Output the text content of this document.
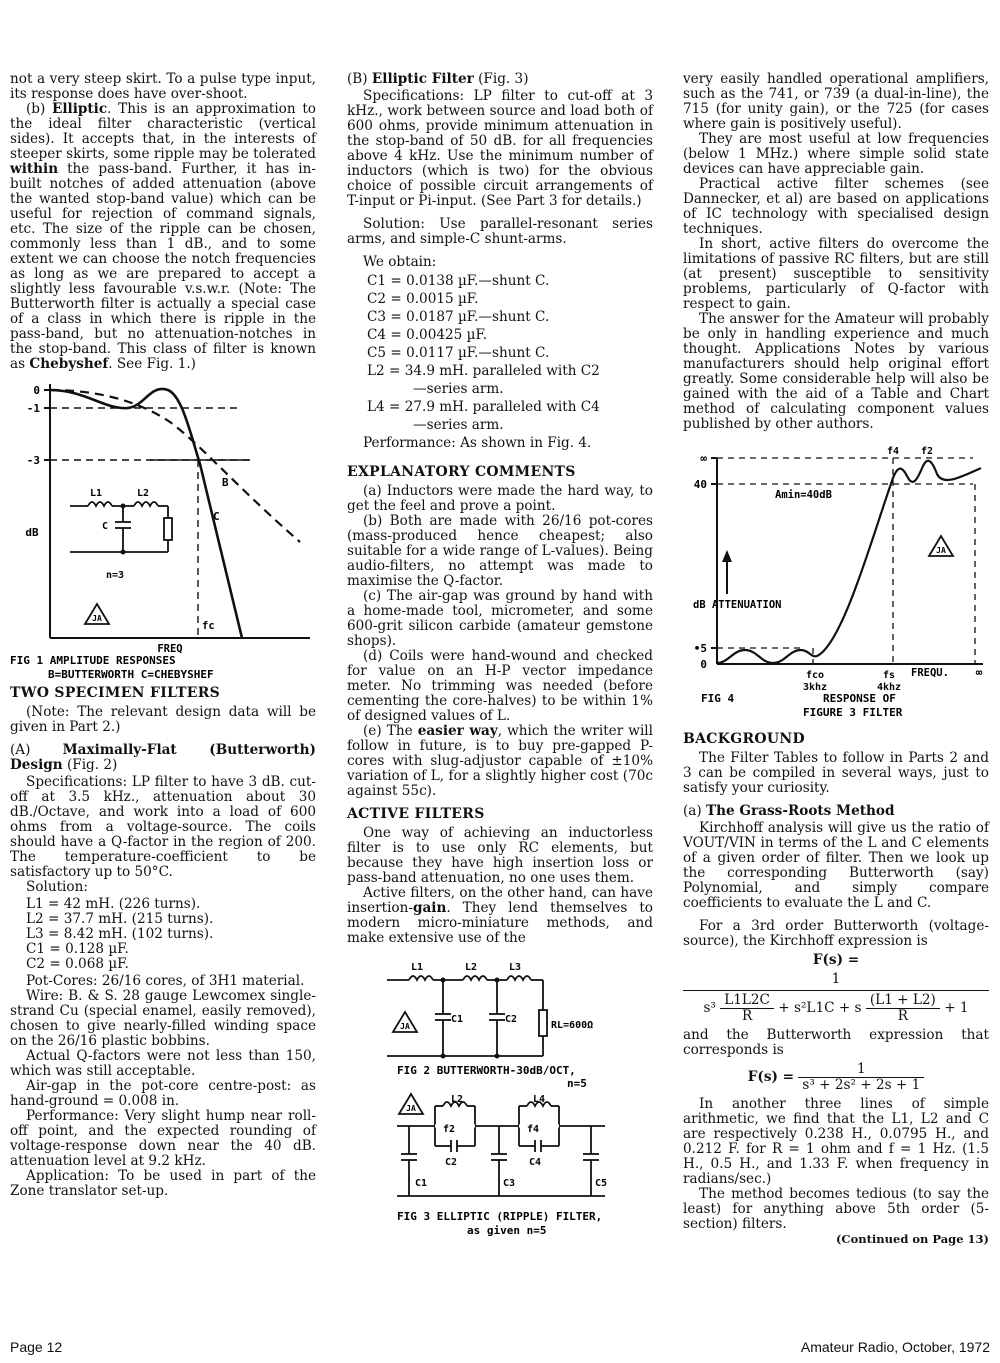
not a very steep skirt. To a pulse type input, its response does have over-shoot.

(b) Elliptic. This is an approximation to the ideal filter characteristic (vertical sides). It accepts that, in the interests of steeper skirts, some ripple may be tolerated within the pass-band. Further, it has in-built notches of added attenuation (above the wanted stop-band value) which can be useful for rejection of command signals, etc. The size of the ripple can be chosen, commonly less than 1 dB., and to some extent we can choose the notch frequencies as long as we are prepared to accept a slightly less favourable v.s.w.r. (Note: The Butterworth filter is actually a special case of a class in which there is ripple in the pass-band, but no attenuation-notches in the stop-band. This class of filter is known as Chebyshef. See Fig. 1.)

0
-1
-3
dB
B
C
L1	L2
C
n=3
JA
FREQ
fc
FIG 1 AMPLITUDE RESPONSES
B=BUTTERWORTH C=CHEBYSHEF
TWO SPECIMEN FILTERS

(Note: The relevant design data will be given in Part 2.)

(A) Maximally-Flat (Butterworth) Design (Fig. 2)

Specifications: LP filter to have 3 dB. cut-off at 3.5 kHz., attenuation about 30 dB./Octave, and work into a load of 600 ohms from a voltage-source. The coils should have a Q-factor in the region of 200. The temperature-coefficient to be satisfactory up to 50°C.

Solution:

L1 = 42 mH. (226 turns).
L2 = 37.7 mH. (215 turns).
L3 = 8.42 mH. (102 turns).
C1 = 0.128 µF.
C2 = 0.068 µF.

Pot-Cores: 26/16 cores, of 3H1 material.

Wire: B. & S. 28 gauge Lewcomex single-strand Cu (special enamel, easily removed), chosen to give nearly-filled winding space on the 26/16 plastic bobbins.

Actual Q-factors were not less than 150, which was still acceptable.

Air-gap in the pot-core centre-post: as hand-ground = 0.008 in.

Performance: Very slight hump near roll-off point, and the expected rounding of voltage-response down near the 40 dB. attenuation level at 9.2 kHz.

Application: To be used in part of the Zone translator set-up.

(B) Elliptic Filter (Fig. 3)

Specifications: LP filter to cut-off at 3 kHz., work between source and load both of 600 ohms, provide minimum attenuation in the stop-band of 50 dB. for all frequencies above 4 kHz. Use the minimum number of inductors (which is two) for the obvious choice of possible circuit arrangements of T-input or Pi-input. (See Part 3 for details.)

Solution: Use parallel-resonant series arms, and simple-C shunt-arms.

We obtain:

C1 = 0.0138 µF.—shunt C.
C2 = 0.0015 µF.
C3 = 0.0187 µF.—shunt C.
C4 = 0.00425 µF.
C5 = 0.0117 µF.—shunt C.
L2 = 34.9 mH. paralleled with C2
—series arm.
L4 = 27.9 mH. paralleled with C4
—series arm.

Performance: As shown in Fig. 4.

EXPLANATORY COMMENTS

(a) Inductors were made the hard way, to get the feel and prove a point.

(b) Both are made with 26/16 pot-cores (mass-produced hence cheapest; also suitable for a wide range of L-values). Being audio-filters, no attempt was made to maximise the Q-factor.

(c) The air-gap was ground by hand with a home-made tool, micrometer, and some 600-grit silicon carbide (amateur gemstone shops).

(d) Coils were hand-wound and checked for value on an H-P vector impedance meter. No trimming was needed (before cementing the core-halves) to be within 1% of designed values of L.

(e) The easier way, which the writer will follow in future, is to buy pre-gapped P-cores with slug-adjustor capable of ±10% variation of L, for a slightly higher cost (70c against 55c).

ACTIVE FILTERS

One way of achieving an inductorless filter is to use only RC elements, but because they have high insertion loss or pass-band attenuation, no one uses them.

Active filters, on the other hand, can have insertion-gain. They lend themselves to modern micro-miniature methods, and make extensive use of the

L1	L2	L3
C1	C2
RL=600Ω
JA
FIG 2 BUTTERWORTH-30dB/OCT,
n=5
L2	L4
f2	f4
C2	C4
C1	C3	C5
JA
FIG 3 ELLIPTIC (RIPPLE) FILTER,
as given n=5

very easily handled operational amplifiers, such as the 741, or 739 (a dual-in-line), the 715 (for unity gain), or the 725 (for cases where gain is positively useful).

They are most useful at low frequencies (below 1 MHz.) where simple solid state devices can have appreciable gain.

Practical active filter schemes (see Dannecker, et al) are based on applications of IC technology with specialised design techniques.

In short, active filters do overcome the limitations of passive RC filters, but are still (at present) susceptible to sensitivity problems, particularly of Q-factor with respect to gain.

The answer for the Amateur will probably be only in handling experience and much thought. Applications Notes by various manufacturers should help original effort greatly. Some considerable help will also be gained with the aid of a Table and Chart method of calculating component values published by other authors.

∞
40
•5
0
f4 f2
Amin=40dB
dB ATTENUATION
JA
fco
3khz
fs
4khz
FREQU. ∞
FIG 4	RESPONSE OF
FIGURE 3 FILTER
BACKGROUND

The Filter Tables to follow in Parts 2 and 3 can be compiled in several ways, just to satisfy your curiosity.

(a) The Grass-Roots Method

Kirchhoff analysis will give us the ratio of VOUT/VIN in terms of the L and C elements of a given order of filter. Then we look up the corresponding Butterworth (say) Polynomial, and simply compare coefficients to evaluate the L and C.

For a 3rd order Butterworth (voltage-source), the Kirchhoff expression is

F(s) =
1
$s^3 \frac{L1L2C}{R} + s^2L1C + s \frac{(L1 + L2)}{R} + 1$

and the Butterworth expression that corresponds is

$F(s) = \frac{1}{\text{s³ + 2s² + 2s + 1}}$

In another three lines of simple arithmetic, we find that the L1, L2 and C are respectively 0.238 H., 0.0795 H., and 0.212 F. for R = 1 ohm and f = 1 Hz. (1.5 H., 0.5 H., and 1.33 F. when frequency in radians/sec.)

The method becomes tedious (to say the least) for anything above 5th order (5-section) filters.

(Continued on Page 13)
Page 12	Amateur Radio, October, 1972
